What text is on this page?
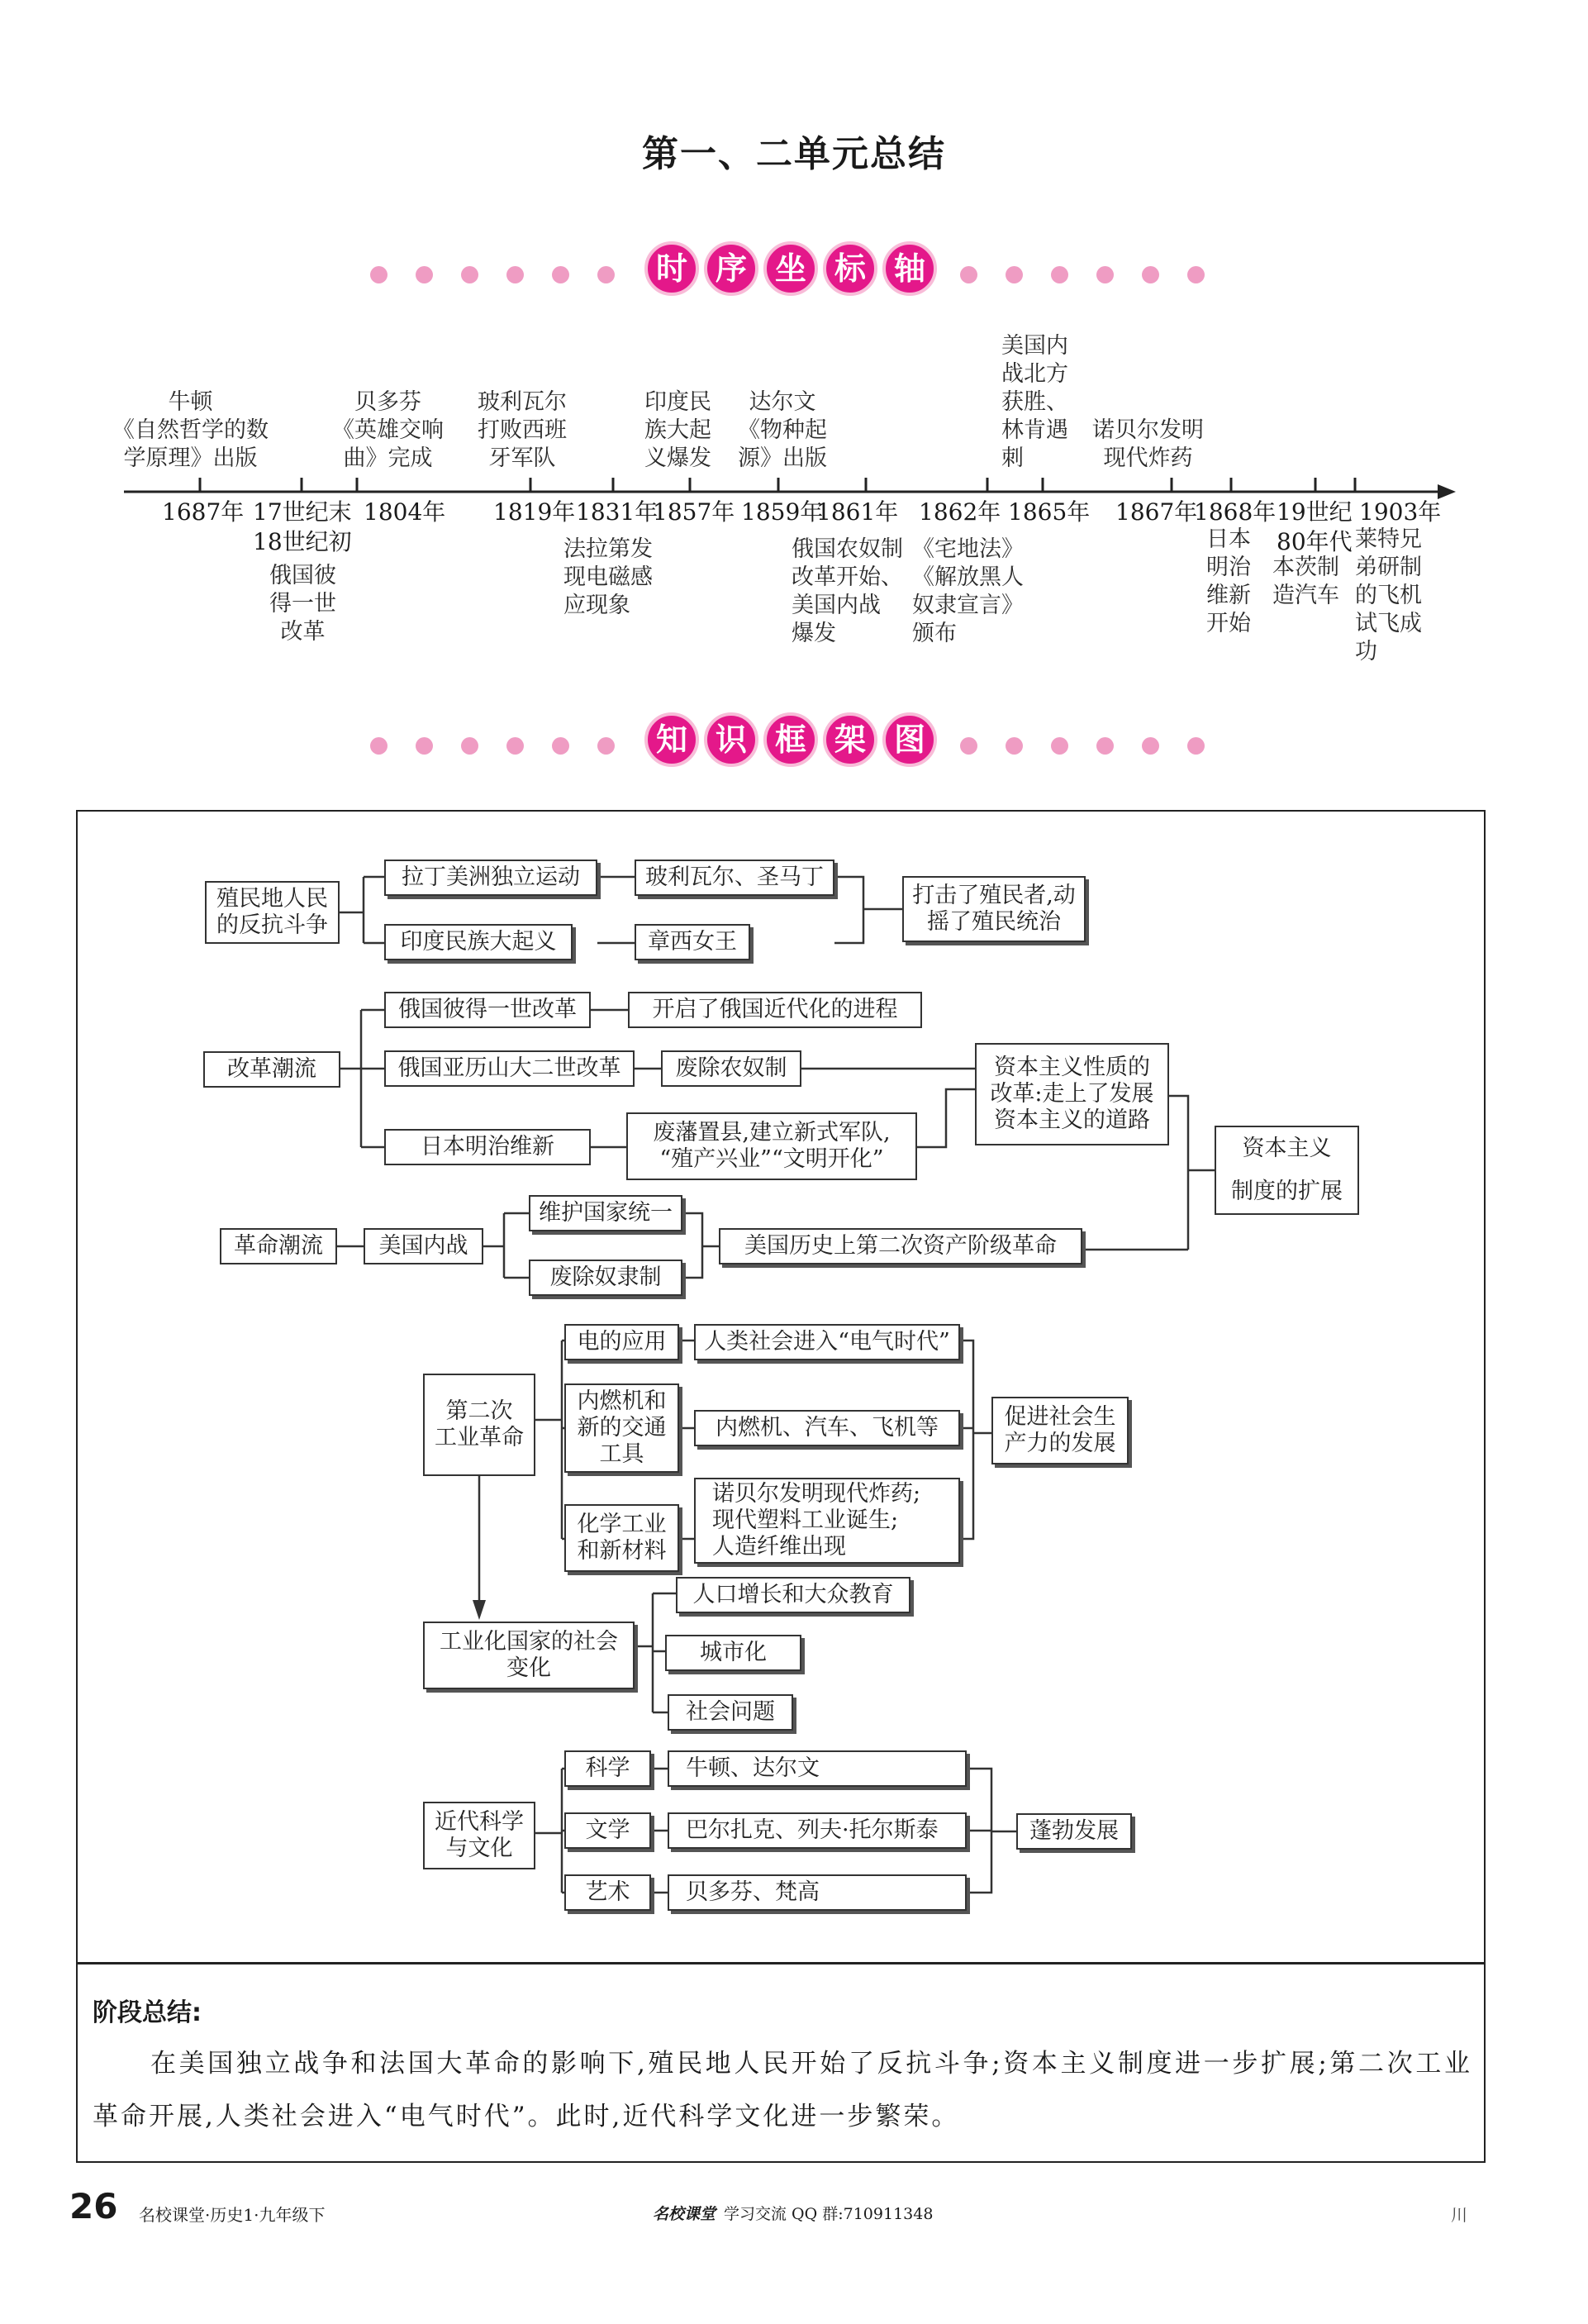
第一、二单元总结
时 序 坐 标 轴
牛顿
《自然哲学的数
学原理》出版
贝多芬
《英雄交响
曲》完成
玻利瓦尔
打败西班
牙军队
印度民
族大起
义爆发
达尔文
《物种起
源》出版
美国内
战北方
获胜、
林肯遇
刺
诺贝尔发明
现代炸药
1687年 17世纪末
18世纪初
1804年 1819年 1831年
1857年 1859年
1861年 1862年 1865年 1867年
1868年 19世纪
80年代
1903年
俄国彼
得一世
改革
法拉第发
现电磁感
应现象
俄国农奴制
改革开始、
美国内战
爆发
《宅地法》
《解放黑人
奴隶宣言》
颁布
日本
明治
维新
开始
本茨制
造汽车
莱特兄
弟研制
的飞机
试飞成
功
知 识 框 架 图
殖民地人民
的反抗斗争
拉丁美洲独立运动	玻利瓦尔、圣马丁
印度民族大起义	章西女王
打击了殖民者,动
摇了殖民统治
改革潮流
俄国彼得一世改革	开启了俄国近代化的进程
俄国亚历山大二世改革	废除农奴制
日本明治维新
废藩置县,建立新式军队,
“殖产兴业”“文明开化”
资本主义性质的
改革:走上了发展
资本主义的道路
资本主义
制度的扩展
革命潮流	美国内战
维护国家统一
废除奴隶制
美国历史上第二次资产阶级革命
第二次
工业革命
电的应用	人类社会进入“电气时代”
内燃机和
新的交通
工具
内燃机、汽车、飞机等
化学工业
和新材料
诺贝尔发明现代炸药;
现代塑料工业诞生;
人造纤维出现
促进社会生
产力的发展
工业化国家的社会
变化
人口增长和大众教育
城市化
社会问题
近代科学
与文化
科学	牛顿、达尔文
文学	巴尔扎克、列夫·托尔斯泰
艺术	贝多芬、梵高
蓬勃发展
阶段总结:
在美国独立战争和法国大革命的影响下,殖民地人民开始了反抗斗争;资本主义制度进一步扩展;第二次工业革命开展,人类社会进入“电气时代”。此时,近代科学文化进一步繁荣。
26 名校课堂·历史1·九年级下	名校课堂 学习交流 QQ 群:710911348	川
